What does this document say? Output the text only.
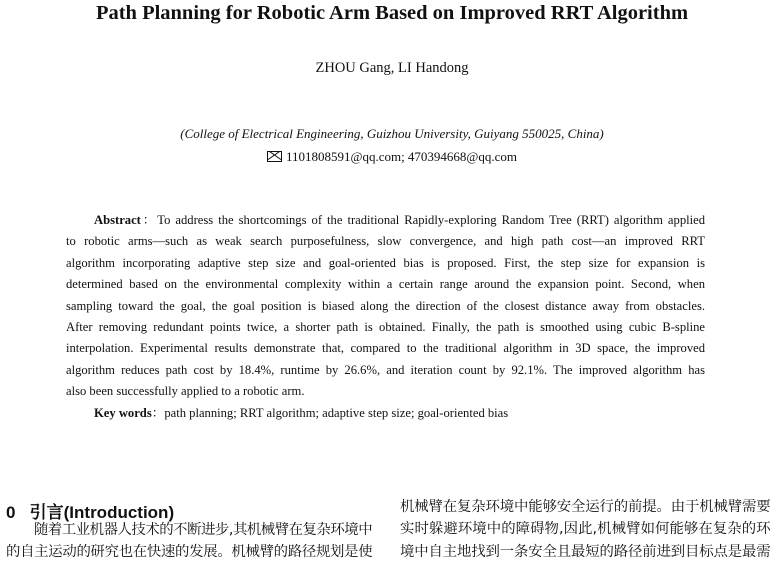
Path Planning for Robotic Arm Based on Improved RRT Algorithm
ZHOU Gang, LI Handong
(College of Electrical Engineering, Guizhou University, Guiyang 550025, China)
1101808591@qq.com; 470394668@qq.com
Abstract：To address the shortcomings of the traditional Rapidly-exploring Random Tree (RRT) algorithm applied
to robotic arms—such as weak search purposefulness, slow convergence, and high path cost—an improved RRT
algorithm incorporating adaptive step size and goal-oriented bias is proposed. First, the step size for expansion is
determined based on the environmental complexity within a certain range around the expansion point. Second, when
sampling toward the goal, the goal position is biased along the direction of the closest distance away from obstacles.
After removing redundant points twice, a shorter path is obtained. Finally, the path is smoothed using cubic B-spline
interpolation. Experimental results demonstrate that, compared to the traditional algorithm in 3D space, the improved
algorithm reduces path cost by 18.4%, runtime by 26.6%, and iteration count by 92.1%. The improved algorithm has
also been successfully applied to a robotic arm.
Key words：path planning; RRT algorithm; adaptive step size; goal-oriented bias
0 引言(Introduction)
随着工业机器人技术的不断进步,其机械臂在复杂环境中
的自主运动的研究也在快速的发展。机械臂的路径规划是使
机械臂在复杂环境中能够安全运行的前提。由于机械臂需要
实时躲避环境中的障碍物,因此,机械臂如何能够在复杂的环
境中自主地找到一条安全且最短的路径前进到目标点是最需
